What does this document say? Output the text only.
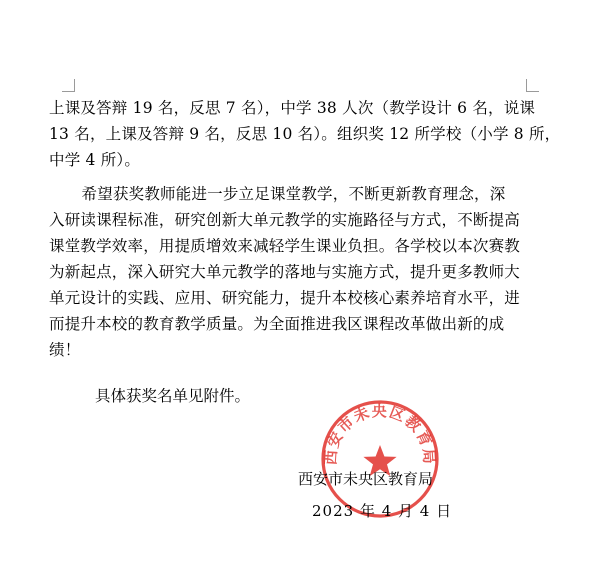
上课及答辩 19 名，反思 7 名），中学 38 人次（教学设计 6 名，说课
13 名，上课及答辩 9 名，反思 10 名）。组织奖 12 所学校（小学 8 所，
中学 4 所）。
希望获奖教师能进一步立足课堂教学，不断更新教育理念，深
入研读课程标准，研究创新大单元教学的实施路径与方式，不断提高
课堂教学效率，用提质增效来减轻学生课业负担。各学校以本次赛教
为新起点，深入研究大单元教学的落地与实施方式，提升更多教师大
单元设计的实践、应用、研究能力，提升本校核心素养培育水平，进
而提升本校的教育教学质量。为全面推进我区课程改革做出新的成
绩！
具体获奖名单见附件。
西安市未央区教育局
西安市未央区教育局
2023 年 4 月 4 日
